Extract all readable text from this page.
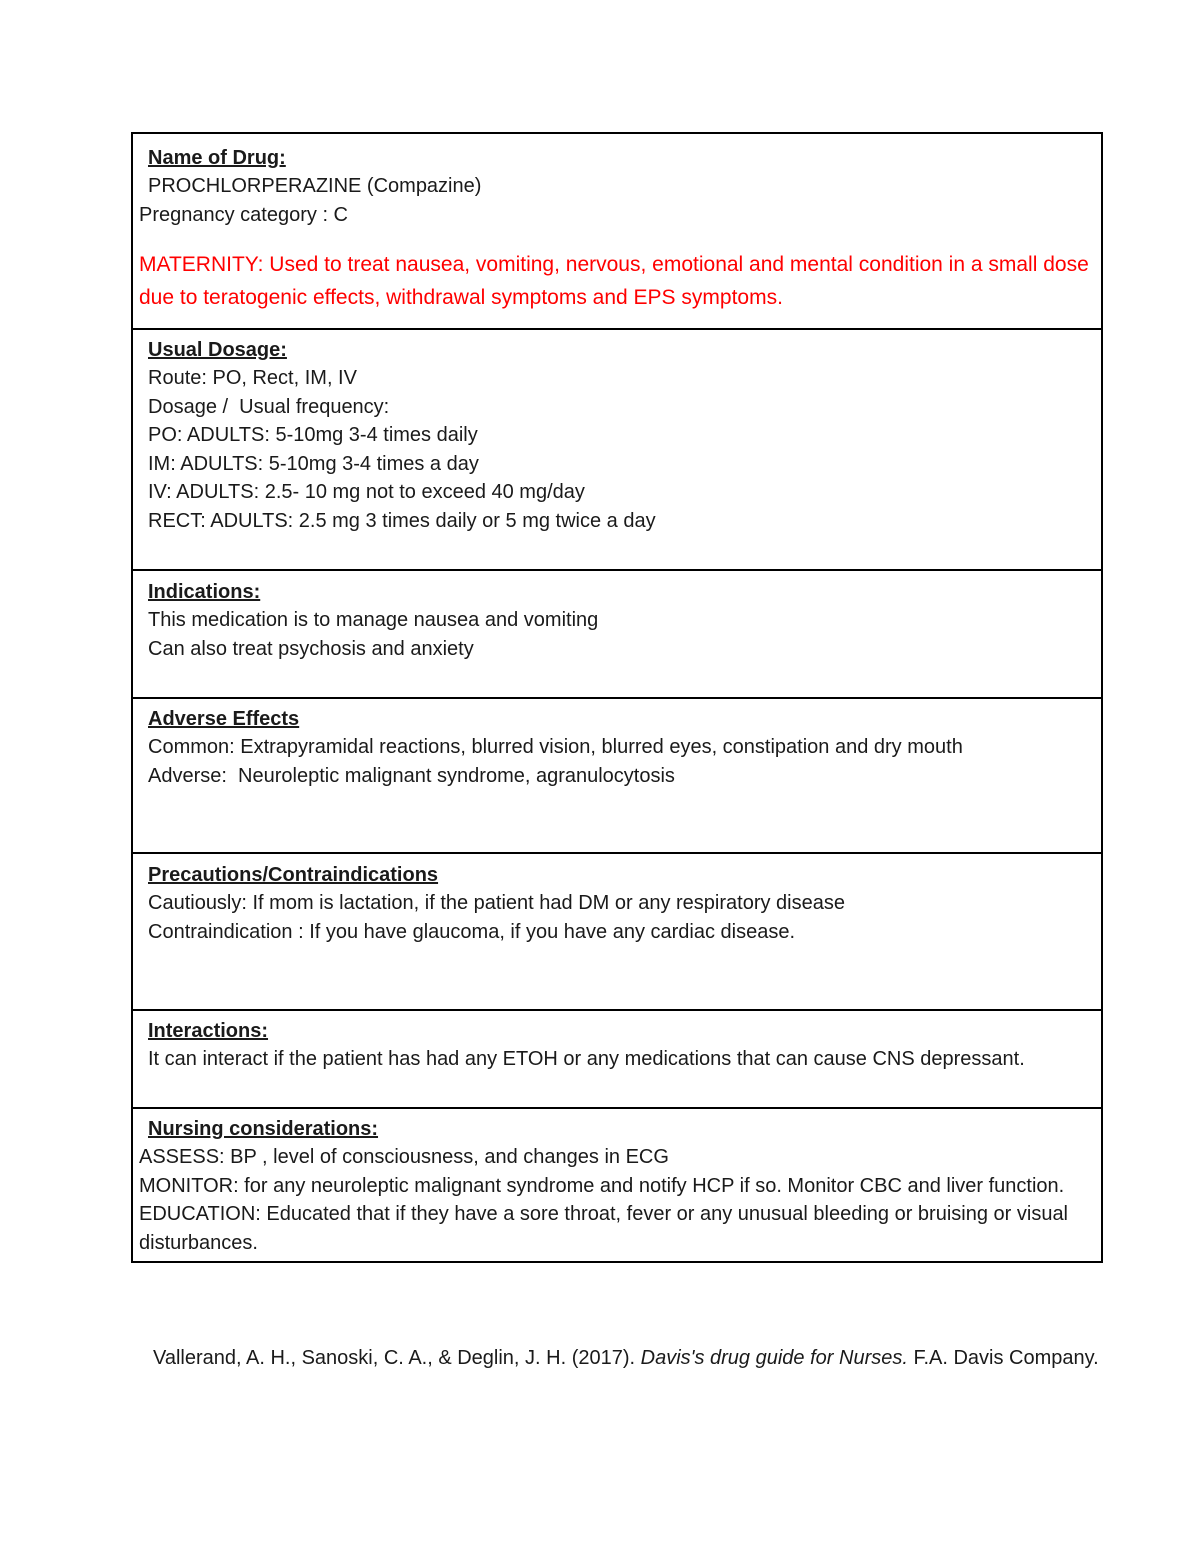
Name of Drug:
PROCHLORPERAZINE (Compazine)
Pregnancy category : C
MATERNITY: Used to treat nausea, vomiting, nervous, emotional and mental condition in a small dose due to teratogenic effects, withdrawal symptoms and EPS symptoms.
Usual Dosage:
Route: PO, Rect, IM, IV
Dosage /  Usual frequency:
PO: ADULTS: 5-10mg 3-4 times daily
IM: ADULTS: 5-10mg 3-4 times a day
IV: ADULTS: 2.5- 10 mg not to exceed 40 mg/day
RECT: ADULTS: 2.5 mg 3 times daily or 5 mg twice a day
Indications:
This medication is to manage nausea and vomiting
Can also treat psychosis and anxiety
Adverse Effects
Common: Extrapyramidal reactions, blurred vision, blurred eyes, constipation and dry mouth
Adverse:  Neuroleptic malignant syndrome, agranulocytosis
Precautions/Contraindications
Cautiously: If mom is lactation, if the patient had DM or any respiratory disease
Contraindication : If you have glaucoma, if you have any cardiac disease.
Interactions:
It can interact if the patient has had any ETOH or any medications that can cause CNS depressant.
Nursing considerations:
ASSESS: BP , level of consciousness, and changes in ECG
MONITOR: for any neuroleptic malignant syndrome and notify HCP if so. Monitor CBC and liver function.
EDUCATION: Educated that if they have a sore throat, fever or any unusual bleeding or bruising or visual disturbances.
Vallerand, A. H., Sanoski, C. A., & Deglin, J. H. (2017). Davis's drug guide for Nurses. F.A. Davis Company.
